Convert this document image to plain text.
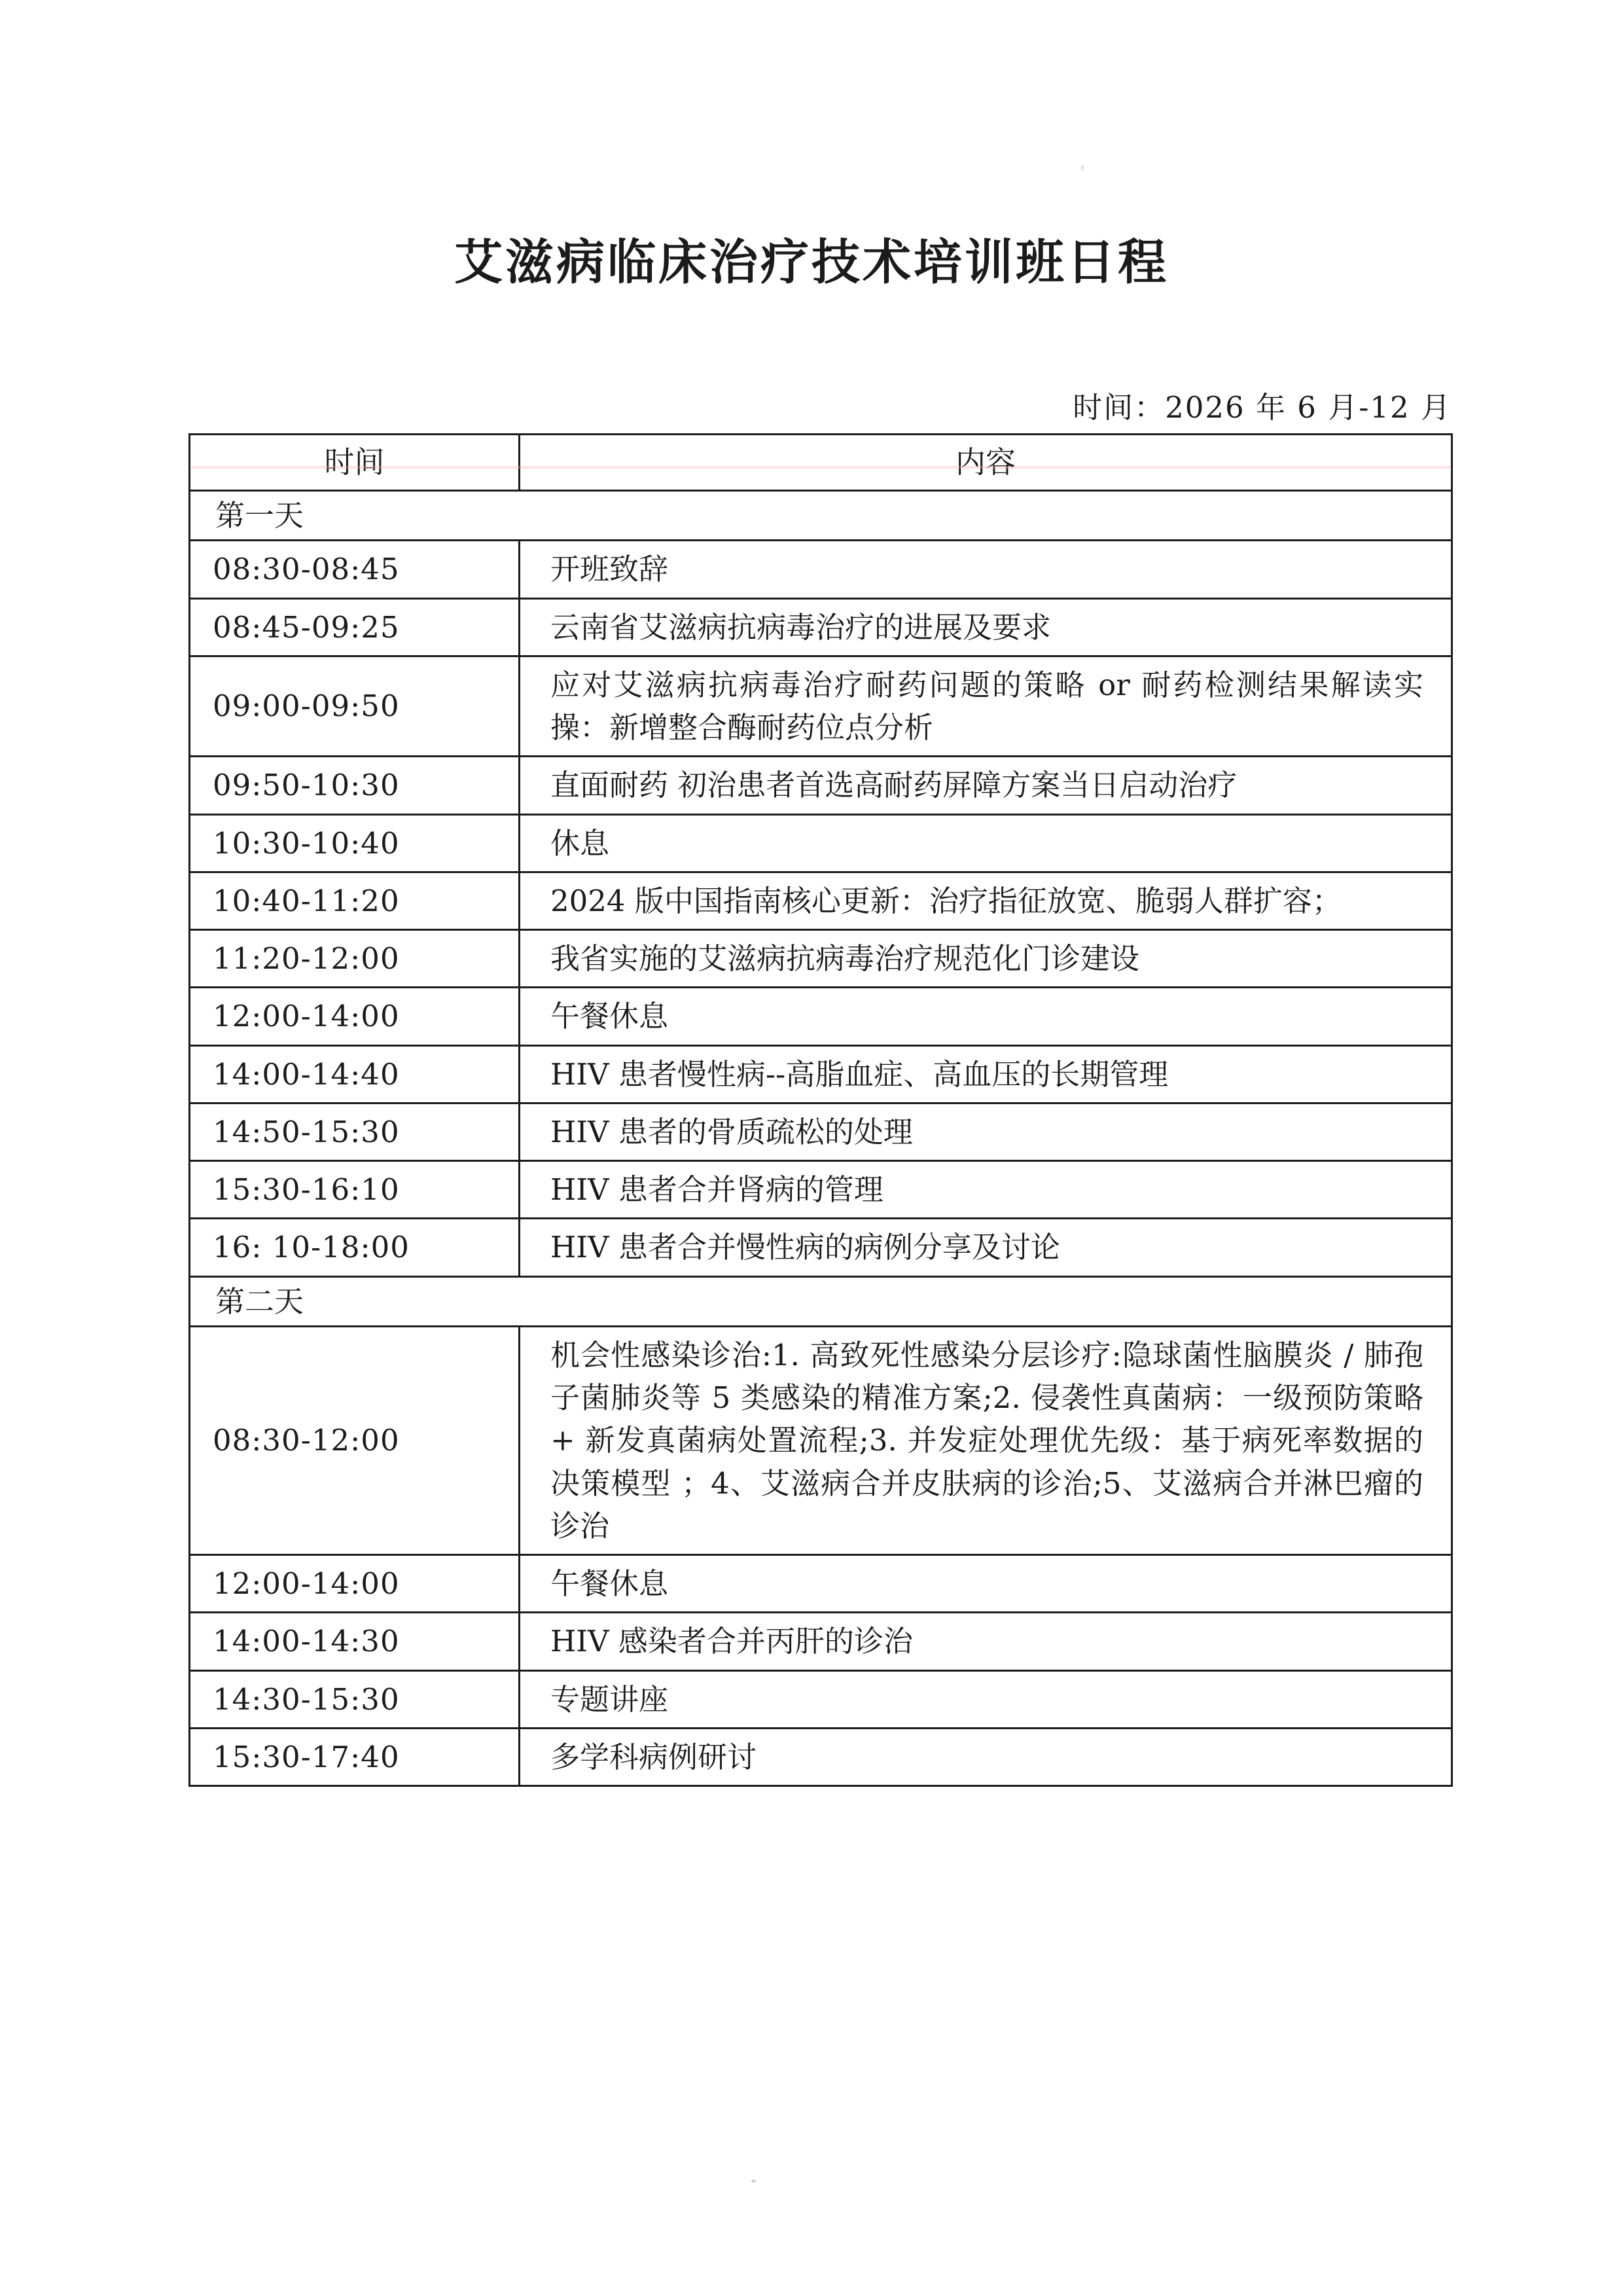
艾滋病临床治疗技术培训班日程
时间：2026 年 6 月-12 月
时间	内容
第一天	
08:30-08:45	开班致辞
08:45-09:25	云南省艾滋病抗病毒治疗的进展及要求
09:00-09:50	应对艾滋病抗病毒治疗耐药问题的策略 or 耐药检测结果解读实操：新增整合酶耐药位点分析
09:50-10:30	直面耐药 初治患者首选高耐药屏障方案当日启动治疗
10:30-10:40	休息
10:40-11:20	2024 版中国指南核心更新：治疗指征放宽、脆弱人群扩容；
11:20-12:00	我省实施的艾滋病抗病毒治疗规范化门诊建设
12:00-14:00	午餐休息
14:00-14:40	HIV 患者慢性病--高脂血症、高血压的长期管理
14:50-15:30	HIV 患者的骨质疏松的处理
15:30-16:10	HIV 患者合并肾病的管理
16: 10-18:00	HIV 患者合并慢性病的病例分享及讨论
第二天	
08:30-12:00	机会性感染诊治:1. 高致死性感染分层诊疗:隐球菌性脑膜炎 / 肺孢子菌肺炎等 5 类感染的精准方案;2. 侵袭性真菌病：一级预防策略 + 新发真菌病处置流程;3. 并发症处理优先级：基于病死率数据的决策模型 ；4、艾滋病合并皮肤病的诊治;5、艾滋病合并淋巴瘤的诊治
12:00-14:00	午餐休息
14:00-14:30	HIV 感染者合并丙肝的诊治
14:30-15:30	专题讲座
15:30-17:40	多学科病例研讨
